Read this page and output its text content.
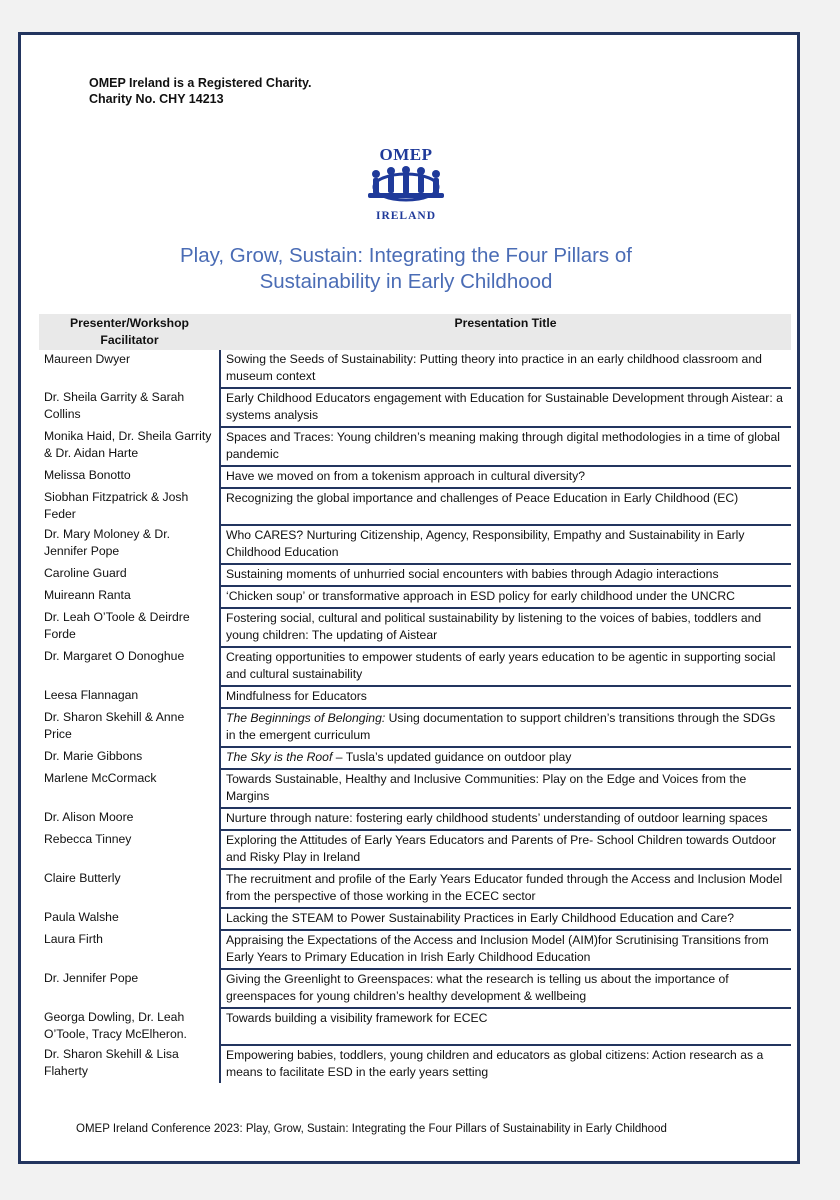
OMEP Ireland is a Registered Charity.
Charity No. CHY 14213
OMEP
IRELAND
Play, Grow, Sustain: Integrating the Four Pillars of
Sustainability in Early Childhood
Presenter/Workshop Facilitator	Presentation Title
Maureen Dwyer	Sowing the Seeds of Sustainability: Putting theory into practice in an early childhood classroom and museum context
Dr. Sheila Garrity & Sarah Collins	Early Childhood Educators engagement with Education for Sustainable Development through Aistear: a systems analysis
Monika Haid, Dr. Sheila Garrity & Dr. Aidan Harte	Spaces and Traces: Young children’s meaning making through digital methodologies in a time of global pandemic
Melissa Bonotto	Have we moved on from a tokenism approach in cultural diversity?
Siobhan Fitzpatrick & Josh Feder	Recognizing the global importance and challenges of Peace Education in Early Childhood (EC)
Dr. Mary Moloney & Dr. Jennifer Pope	Who CARES? Nurturing Citizenship, Agency, Responsibility, Empathy and Sustainability in Early Childhood Education
Caroline Guard	Sustaining moments of unhurried social encounters with babies through Adagio interactions
Muireann Ranta	‘Chicken soup’ or transformative approach in ESD policy for early childhood under the UNCRC
Dr. Leah O’Toole & Deirdre Forde	Fostering social, cultural and political sustainability by listening to the voices of babies, toddlers and young children: The updating of Aistear
Dr. Margaret O Donoghue	Creating opportunities to empower students of early years education to be agentic in supporting social and cultural sustainability
Leesa Flannagan	Mindfulness for Educators
Dr. Sharon Skehill & Anne Price	The Beginnings of Belonging: Using documentation to support children’s transitions through the SDGs in the emergent curriculum
Dr. Marie Gibbons	The Sky is the Roof – Tusla’s updated guidance on outdoor play
Marlene McCormack	Towards Sustainable, Healthy and Inclusive Communities: Play on the Edge and Voices from the Margins
Dr. Alison Moore	Nurture through nature: fostering early childhood students’ understanding of outdoor learning spaces
Rebecca Tinney	Exploring the Attitudes of Early Years Educators and Parents of Pre- School Children towards Outdoor and Risky Play in Ireland
Claire Butterly	The recruitment and profile of the Early Years Educator funded through the Access and Inclusion Model from the perspective of those working in the ECEC sector
Paula Walshe	Lacking the STEAM to Power Sustainability Practices in Early Childhood Education and Care?
Laura Firth	Appraising the Expectations of the Access and Inclusion Model (AIM)for Scrutinising Transitions from Early Years to Primary Education in Irish Early Childhood Education
Dr. Jennifer Pope	Giving the Greenlight to Greenspaces: what the research is telling us about the importance of greenspaces for young children’s healthy development & wellbeing
Georga Dowling, Dr. Leah O’Toole, Tracy McElheron.	Towards building a visibility framework for ECEC
Dr. Sharon Skehill & Lisa Flaherty	Empowering babies, toddlers, young children and educators as global citizens: Action research as a means to facilitate ESD in the early years setting
OMEP Ireland Conference 2023: Play, Grow, Sustain: Integrating the Four Pillars of Sustainability in Early Childhood
